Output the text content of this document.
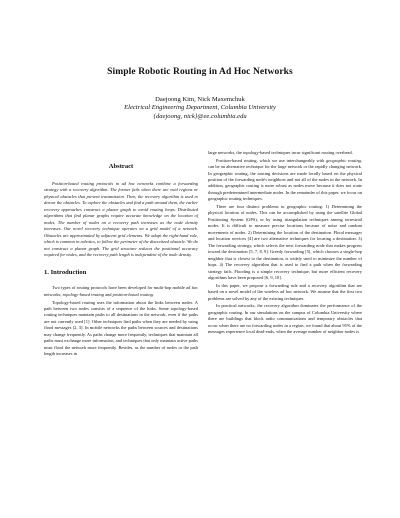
Simple Robotic Routing in Ad Hoc Networks
Daejoong Kim, Nick Maxemchuk
Electrical Engineering Department, Columbia University
{daejoong, nick}@ee.columbia.edu
Abstract

Position-based routing protocols in ad hoc networks combine a forwarding strategy with a recovery algorithm. The former fails when there are void regions or physical obstacles that prevent transmission. Then, the recovery algorithm is used to detour the obstacles. To explore the obstacles and find a path around them, the earlier recovery approaches construct a planar graph to avoid routing loops. Distributed algorithms that find planar graphs require accurate knowledge on the location of nodes. The number of nodes on a recovery path increases as the node density increases. Our novel recovery technique operates on a grid model of a network. Obstacles are approximated by adjacent grid elements. We adapt the right-hand rule, which is common in robotics, to follow the perimeter of the discretized obstacle. We do not construct a planar graph. The grid structure reduces the positional accuracy required for nodes, and the recovery path length is independent of the node density.

1. Introduction

Two types of routing protocols have been developed for multi-hop mobile ad hoc networks; topology-based routing and position-based routing.

Topology-based routing uses the information about the links between nodes. A path between two nodes consists of a sequence of the links. Some topology-based routing techniques maintain paths to all destinations in the network, even if the paths are not currently used [1]. Other techniques find paths when they are needed by using flood messages [2, 3]. In mobile networks the paths between sources and destinations may change frequently. As paths change more frequently, techniques that maintain all paths must exchange more information, and techniques that only maintain active paths must flood the network more frequently. Besides, as the number of nodes or the path length increases in

large networks, the topology-based techniques incur significant routing overhead.

Position-based routing, which we use interchangeably with geographic routing, can be an alternative technique for the large network or the rapidly changing network. In geographic routing, the routing decisions are made locally based on the physical position of the forwarding node's neighbors and not all of the nodes in the network. In addition, geographic routing is more robust as nodes move because it does not route through predetermined intermediate nodes. In the remainder of this paper, we focus on geographic routing techniques.

There are four distinct problems in geographic routing: 1) Determining the physical location of nodes. This can be accomplished by using the satellite Global Positioning System (GPS), or by using triangulation techniques among terrestrial nodes. It is difficult to measure precise locations because of noise and random movements of nodes. 2) Determining the location of the destination. Flood messages and location services [4] are two alternative techniques for locating a destination. 3) The forwarding strategy, which selects the next forwarding node that makes progress toward the destination [5, 7, 8, 9]. Greedy forwarding [5], which chooses a single-hop neighbor that is closest to the destination, is widely used to minimize the number of hops. 4) The recovery algorithm that is used to find a path when the forwarding strategy fails. Flooding is a simple recovery technique, but more efficient recovery algorithms have been proposed [6, 9, 10].

In this paper, we propose a forwarding rule and a recovery algorithm that are based on a novel model of the wireless ad hoc network. We assume that the first two problems are solved by any of the existing techniques.

In practical networks, the recovery algorithm dominates the performance of the geographic routing. In our simulations on the campus of Columbia University where there are buildings that block radio communications and temporary obstacles that occur when there are no forwarding nodes in a region, we found that about 95% of the messages experience local dead-ends, when the average number of neighbor nodes is
